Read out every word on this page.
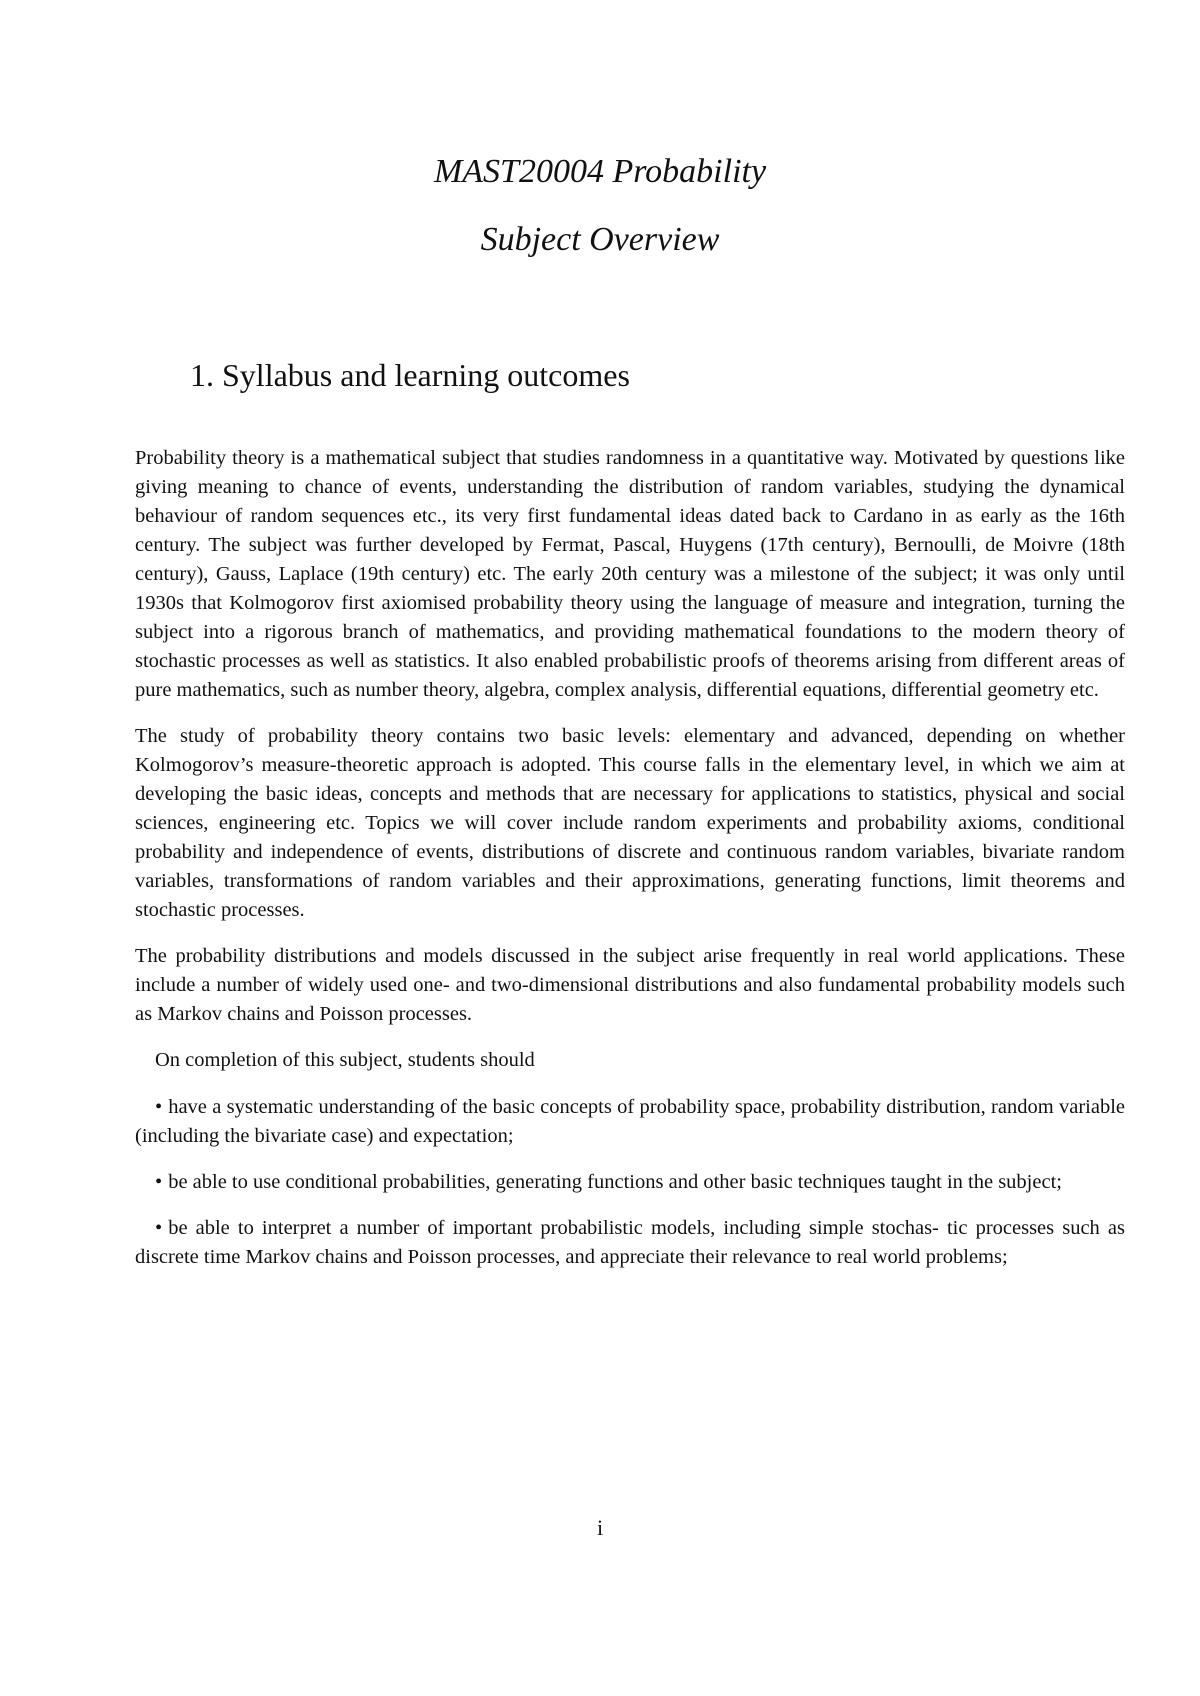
MAST20004 Probability
Subject Overview
1. Syllabus and learning outcomes

Probability theory is a mathematical subject that studies randomness in a quantitative way. Motivated by questions like giving meaning to chance of events, understanding the distribution of random variables, studying the dynamical behaviour of random sequences etc., its very first fundamental ideas dated back to Cardano in as early as the 16th century. The subject was further developed by Fermat, Pascal, Huygens (17th century), Bernoulli, de Moivre (18th century), Gauss, Laplace (19th century) etc. The early 20th century was a milestone of the subject; it was only until 1930s that Kolmogorov first axiomised probability theory using the language of measure and integration, turning the subject into a rigorous branch of mathematics, and providing mathematical foundations to the modern theory of stochastic processes as well as statistics. It also enabled probabilistic proofs of theorems arising from different areas of pure mathematics, such as number theory, algebra, complex analysis, differential equations, differential geometry etc.

The study of probability theory contains two basic levels: elementary and advanced, depending on whether Kolmogorov’s measure-theoretic approach is adopted. This course falls in the elementary level, in which we aim at developing the basic ideas, concepts and methods that are necessary for applications to statistics, physical and social sciences, engineering etc. Topics we will cover include random experiments and probability axioms, conditional probability and independence of events, distributions of discrete and continuous random variables, bivariate random variables, transformations of random variables and their approximations, generating functions, limit theorems and stochastic processes.

The probability distributions and models discussed in the subject arise frequently in real world applications. These include a number of widely used one- and two-dimensional distributions and also fundamental probability models such as Markov chains and Poisson processes.

On completion of this subject, students should

• have a systematic understanding of the basic concepts of probability space, probability distribution, random variable (including the bivariate case) and expectation;
• be able to use conditional probabilities, generating functions and other basic techniques taught in the subject;
• be able to interpret a number of important probabilistic models, including simple stochas- tic processes such as discrete time Markov chains and Poisson processes, and appreciate their relevance to real world problems;
i
